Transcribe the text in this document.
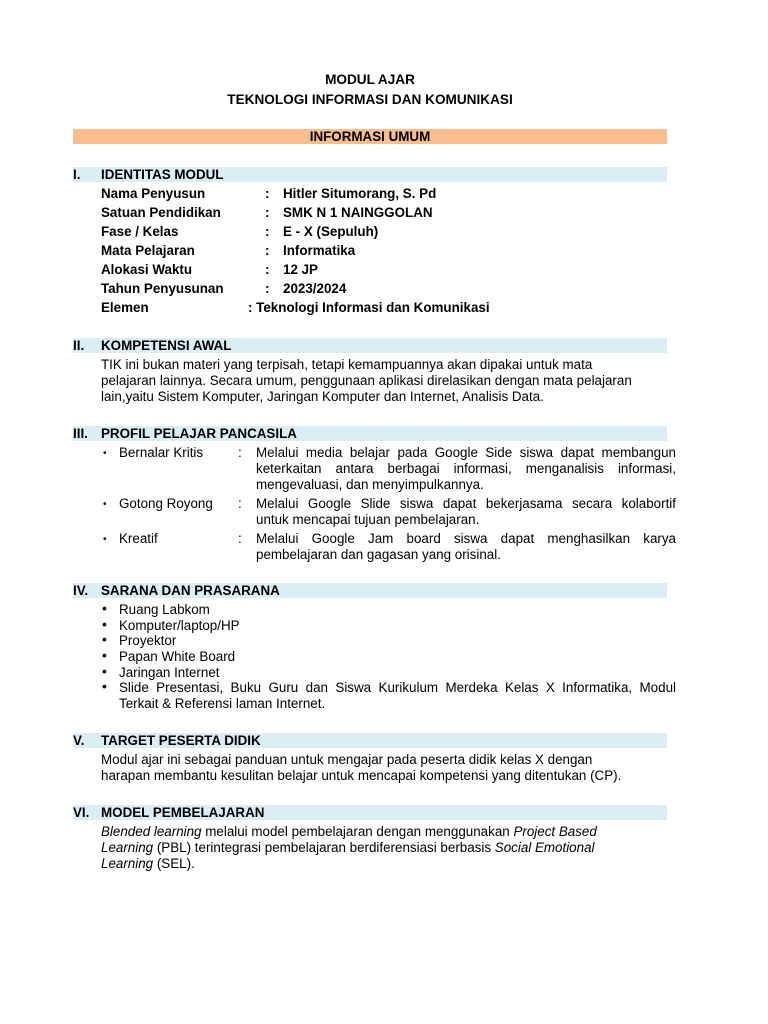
MODUL AJAR
TEKNOLOGI INFORMASI DAN KOMUNIKASI
INFORMASI UMUM
I. IDENTITAS MODUL
Nama Penyusun	: Hitler Situmorang, S. Pd
Satuan Pendidikan	: SMK N 1 NAINGGOLAN
Fase / Kelas	: E - X (Sepuluh)
Mata Pelajaran	: Informatika
Alokasi Waktu	: 12 JP
Tahun Penyusunan	: 2023/2024
Elemen	: Teknologi Informasi dan Komunikasi
II. KOMPETENSI AWAL
TIK ini bukan materi yang terpisah, tetapi kemampuannya akan dipakai untuk mata
pelajaran lainnya. Secara umum, penggunaan aplikasi direlasikan dengan mata pelajaran
lain,yaitu Sistem Komputer, Jaringan Komputer dan Internet, Analisis Data.
III. PROFIL PELAJAR PANCASILA
• Bernalar Kritis	: Melalui media belajar pada Google Side siswa dapat membangun
keterkaitan antara berbagai informasi, menganalisis informasi,
mengevaluasi, dan menyimpulkannya.
• Gotong Royong : Melalui Google Slide siswa dapat bekerjasama secara kolabortif
untuk mencapai tujuan pembelajaran.
• Kreatif	: Melalui Google Jam board siswa dapat menghasilkan karya
pembelajaran dan gagasan yang orisinal.
IV. SARANA DAN PRASARANA
• Ruang Labkom
• Komputer/laptop/HP
• Proyektor
• Papan White Board
• Jaringan Internet
• Slide Presentasi, Buku Guru dan Siswa Kurikulum Merdeka Kelas X Informatika, Modul
Terkait & Referensi laman Internet.
V. TARGET PESERTA DIDIK
Modul ajar ini sebagai panduan untuk mengajar pada peserta didik kelas X dengan
harapan membantu kesulitan belajar untuk mencapai kompetensi yang ditentukan (CP).
VI. MODEL PEMBELAJARAN
Blended learning melalui model pembelajaran dengan menggunakan Project Based
Learning (PBL) terintegrasi pembelajaran berdiferensiasi berbasis Social Emotional
Learning (SEL).
